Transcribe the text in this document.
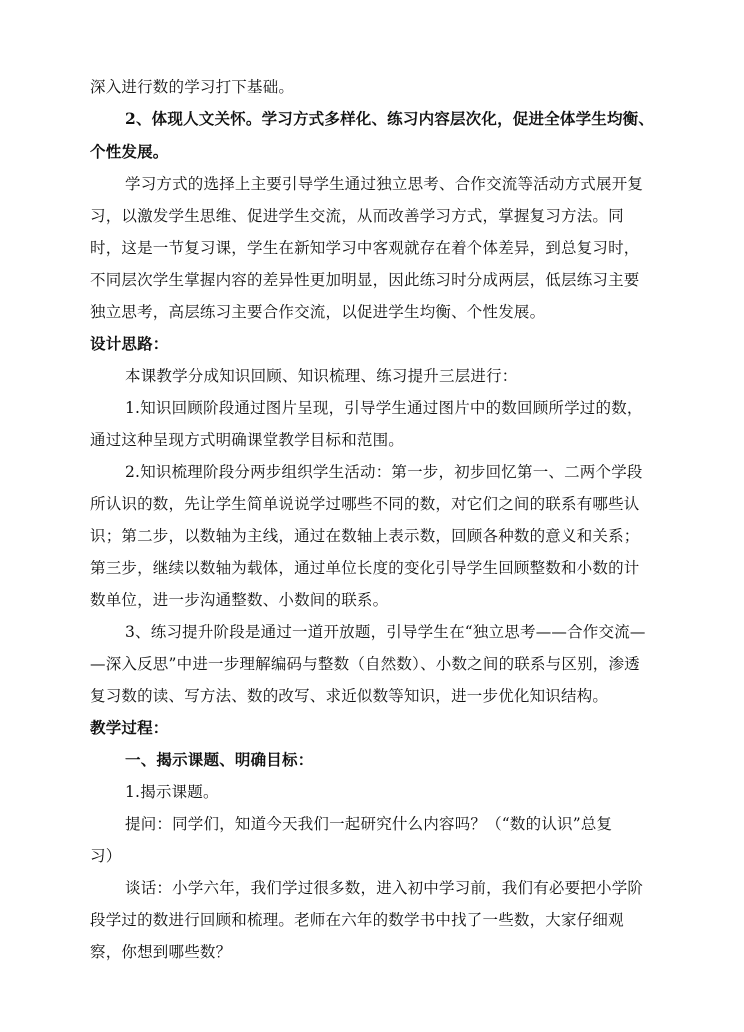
深入进行数的学习打下基础。
2、体现人文关怀。学习方式多样化、练习内容层次化，促进全体学生均衡、
个性发展。
学习方式的选择上主要引导学生通过独立思考、合作交流等活动方式展开复
习，以激发学生思维、促进学生交流，从而改善学习方式，掌握复习方法。同
时，这是一节复习课，学生在新知学习中客观就存在着个体差异，到总复习时，
不同层次学生掌握内容的差异性更加明显，因此练习时分成两层，低层练习主要
独立思考，高层练习主要合作交流，以促进学生均衡、个性发展。
设计思路：
本课教学分成知识回顾、知识梳理、练习提升三层进行：
1.知识回顾阶段通过图片呈现，引导学生通过图片中的数回顾所学过的数，
通过这种呈现方式明确课堂教学目标和范围。
2.知识梳理阶段分两步组织学生活动：第一步，初步回忆第一、二两个学段
所认识的数，先让学生简单说说学过哪些不同的数，对它们之间的联系有哪些认
识；第二步，以数轴为主线，通过在数轴上表示数，回顾各种数的意义和关系；
第三步，继续以数轴为载体，通过单位长度的变化引导学生回顾整数和小数的计
数单位，进一步沟通整数、小数间的联系。
3、练习提升阶段是通过一道开放题，引导学生在“独立思考——合作交流—
—深入反思”中进一步理解编码与整数（自然数）、小数之间的联系与区别，渗透
复习数的读、写方法、数的改写、求近似数等知识，进一步优化知识结构。
教学过程：
一、揭示课题、明确目标：
1.揭示课题。
提问：同学们，知道今天我们一起研究什么内容吗？（“数的认识”总复
习）
谈话：小学六年，我们学过很多数，进入初中学习前，我们有必要把小学阶
段学过的数进行回顾和梳理。老师在六年的数学书中找了一些数，大家仔细观
察，你想到哪些数？
